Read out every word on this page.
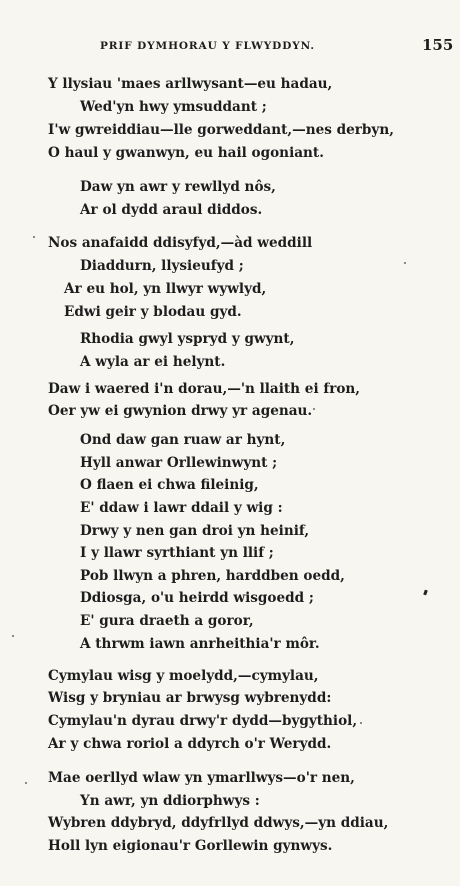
PRIF DYMHORAU Y FLWYDDYN.	155
Y llysiau 'maes arllwysant—eu hadau,
Wed'yn hwy ymsuddant ;
I'w gwreiddiau—lle gorweddant,—nes derbyn,
O haul y gwanwyn, eu hail ogoniant.
Daw yn awr y rewllyd nôs,
Ar ol dydd araul diddos.
Nos anafaidd ddisyfyd,—àd weddill
Diaddurn, llysieufyd ;
Ar eu hol, yn llwyr wywlyd,
Edwi geir y blodau gyd.
Rhodia gwyl yspryd y gwynt,
A wyla ar ei helynt.
Daw i waered i'n dorau,—'n llaith ei fron,
Oer yw ei gwynion drwy yr agenau.
Ond daw gan ruaw ar hynt,
Hyll anwar Orllewinwynt ;
O flaen ei chwa fileinig,
E' ddaw i lawr ddail y wig :
Drwy y nen gan droi yn heinif,
I y llawr syrthiant yn llif ;
Pob llwyn a phren, harddben oedd,
Ddiosga, o'u heirdd wisgoedd ;
E' gura draeth a goror,
A thrwm iawn anrheithia'r môr.
Cymylau wisg y moelydd,—cymylau,
Wisg y bryniau ar brwysg wybrenydd:
Cymylau'n dyrau drwy'r dydd—bygythiol,
Ar y chwa roriol a ddyrch o'r Werydd.
Mae oerllyd wlaw yn ymarllwys—o'r nen,
Yn awr, yn ddiorphwys :
Wybren ddybryd, ddyfrllyd ddwys,—yn ddiau,
Holl lyn eigionau'r Gorllewin gynwys.
